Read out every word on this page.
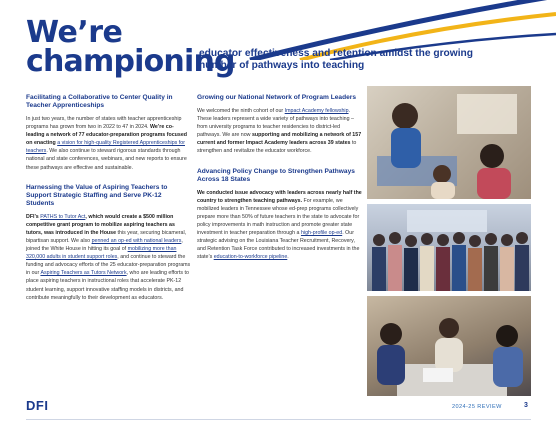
We’re
championing
educator effectiveness and retention amidst the growing number of pathways into teaching
Facilitating a Collaborative to Center Quality in Teacher Apprenticeships
In just two years, the number of states with teacher apprenticeship programs has grown from two in 2022 to 47 in 2024. We’re co-leading a network of 77 educator-preparation programs focused on enacting a vision for high-quality Registered Apprenticeships for teachers. We also continue to steward rigorous standards through national and state conferences, webinars, and new reports to ensure these pathways are effective and sustainable.
Harnessing the Value of Aspiring Teachers to Support Strategic Staffing and Serve PK-12 Students
DFI’s PATHS to Tutor Act, which would create a $500 million competitive grant program to mobilize aspiring teachers as tutors, was introduced in the House this year, securing bicameral, bipartisan support. We also penned an op-ed with national leaders, joined the White House in hitting its goal of mobilizing more than 320,000 adults in student support roles, and continue to steward the funding and advocacy efforts of the 25 educator-preparation programs in our Aspiring Teachers as Tutors Network, who are leading efforts to place aspiring teachers in instructional roles that accelerate PK-12 student learning, support innovative staffing models in districts, and contribute meaningfully to their development as educators.
Growing our National Network of Program Leaders
We welcomed the ninth cohort of our Impact Academy fellowship. These leaders represent a wide variety of pathways into teaching – from university programs to teacher residencies to district-led pathways. We are now supporting and mobilizing a network of 157 current and former Impact Academy leaders across 39 states to strengthen and revitalize the educator workforce.
Advancing Policy Change to Strengthen Pathways Across 18 States
We conducted issue advocacy with leaders across nearly half the country to strengthen teaching pathways. For example, we mobilized leaders in Tennessee whose ed-prep programs collectively prepare more than 50% of future teachers in the state to advocate for policy improvements in math instruction and promote greater state investment in teacher preparation through a high-profile op-ed. Our strategic advising on the Louisiana Teacher Recruitment, Recovery, and Retention Task Force contributed to increased investments in the state’s education-to-workforce pipeline.
DFI	2024-25 REVIEW	3
